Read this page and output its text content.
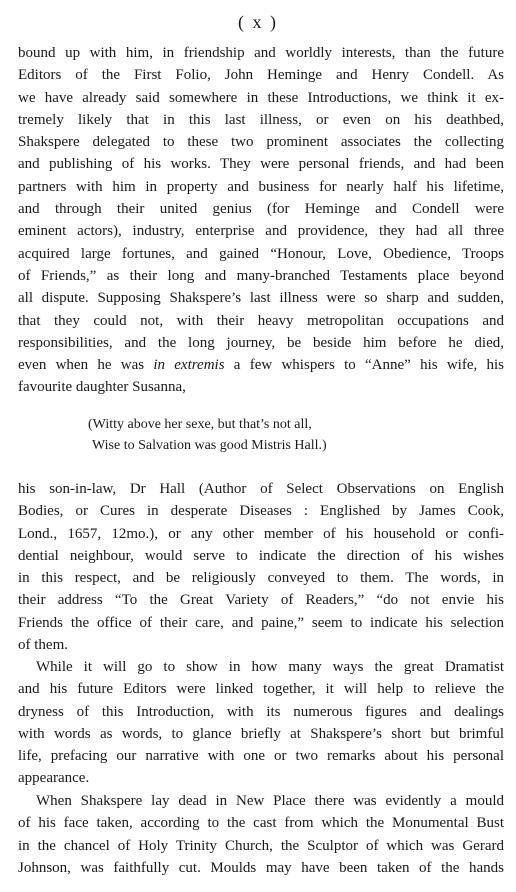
( x )
bound up with him, in friendship and worldly interests, than the future
Editors of the First Folio, John Heminge and Henry Condell. As
we have already said somewhere in these Introductions, we think it ex-
tremely likely that in this last illness, or even on his deathbed,
Shakspere delegated to these two prominent associates the collecting
and publishing of his works. They were personal friends, and had been
partners with him in property and business for nearly half his lifetime,
and through their united genius (for Heminge and Condell were
eminent actors), industry, enterprise and providence, they had all three
acquired large fortunes, and gained “Honour, Love, Obedience, Troops
of Friends,” as their long and many-branched Testaments place beyond
all dispute. Supposing Shakspere’s last illness were so sharp and sudden,
that they could not, with their heavy metropolitan occupations and
responsibilities, and the long journey, be beside him before he died,
even when he was in extremis a few whispers to “Anne” his wife, his
favourite daughter Susanna,
(Witty above her sexe, but that’s not all,
Wise to Salvation was good Mistris Hall.)
his son-in-law, Dr Hall (Author of Select Observations on English
Bodies, or Cures in desperate Diseases : Englished by James Cook,
Lond., 1657, 12mo.), or any other member of his household or confi-
dential neighbour, would serve to indicate the direction of his wishes
in this respect, and be religiously conveyed to them. The words, in
their address “To the Great Variety of Readers,” “do not envie his
Friends the office of their care, and paine,” seem to indicate his selection
of them.
While it will go to show in how many ways the great Dramatist
and his future Editors were linked together, it will help to relieve the
dryness of this Introduction, with its numerous figures and dealings
with words as words, to glance briefly at Shakspere’s short but brimful
life, prefacing our narrative with one or two remarks about his personal
appearance.
When Shakspere lay dead in New Place there was evidently a mould
of his face taken, according to the cast from which the Monumental Bust
in the chancel of Holy Trinity Church, the Sculptor of which was Gerard
Johnson, was faithfully cut. Moulds may have been taken of the hands
